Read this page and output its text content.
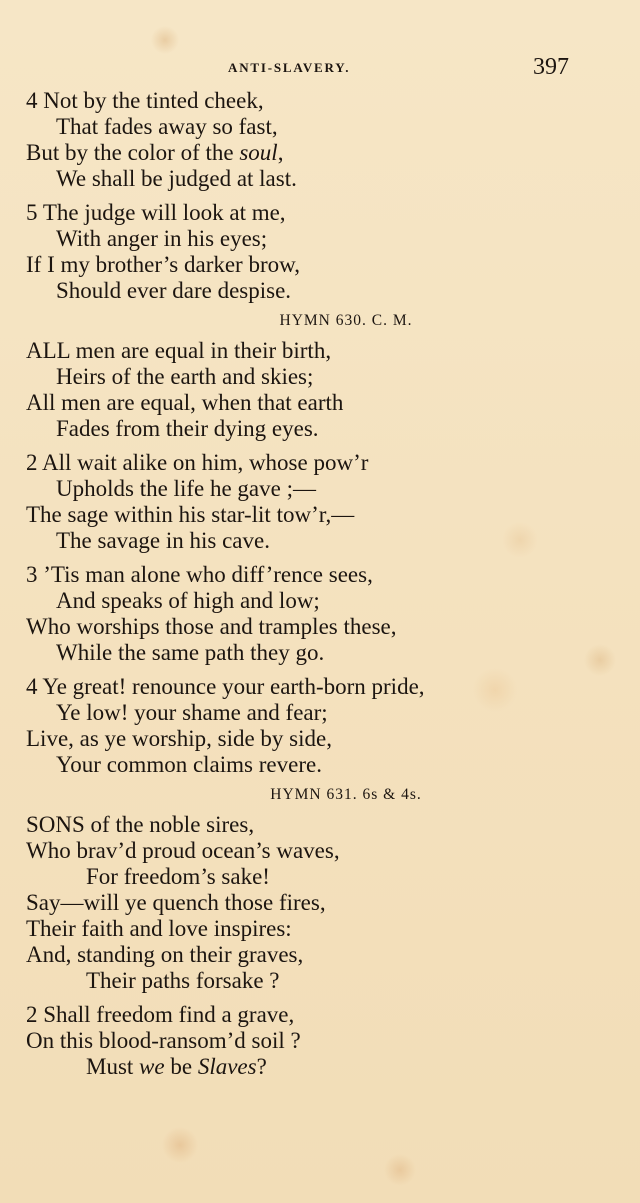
ANTI-SLAVERY.	397
4 Not by the tinted cheek,
That fades away so fast,
But by the color of the soul,
We shall be judged at last.
5 The judge will look at me,
With anger in his eyes;
If I my brother’s darker brow,
Should ever dare despise.
HYMN 630. C. M.
ALL men are equal in their birth,
Heirs of the earth and skies;
All men are equal, when that earth
Fades from their dying eyes.
2 All wait alike on him, whose pow’r
Upholds the life he gave ;—
The sage within his star-lit tow’r,—
The savage in his cave.
3 ’Tis man alone who diff’rence sees,
And speaks of high and low;
Who worships those and tramples these,
While the same path they go.
4 Ye great! renounce your earth-born pride,
Ye low! your shame and fear;
Live, as ye worship, side by side,
Your common claims revere.
HYMN 631. 6s & 4s.
SONS of the noble sires,
Who brav’d proud ocean’s waves,
For freedom’s sake!
Say—will ye quench those fires,
Their faith and love inspires:
And, standing on their graves,
Their paths forsake ?
2 Shall freedom find a grave,
On this blood-ransom’d soil ?
Must we be Slaves?
